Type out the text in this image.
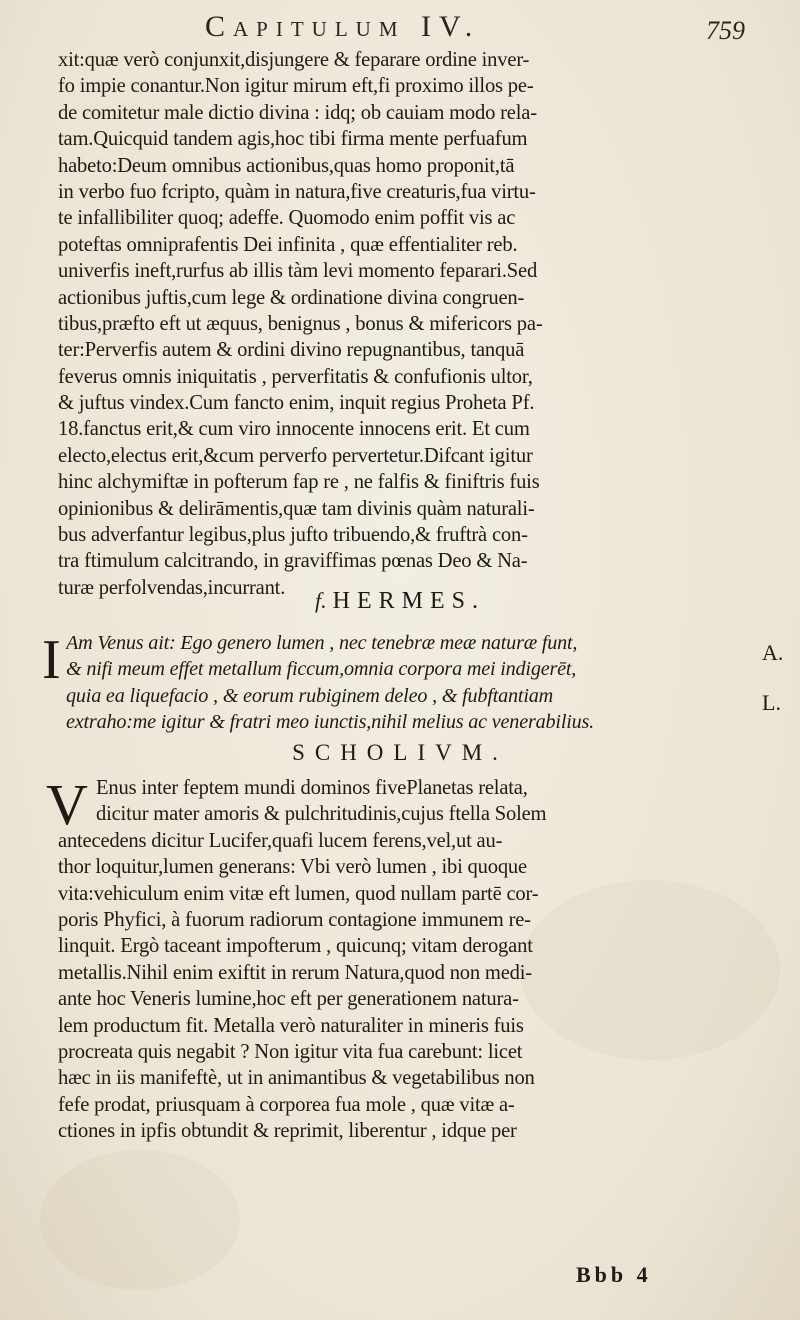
Capitulum IV.	759
xit:quæ verò conjunxit,disjungere & feparare ordine inver-
fo impie conantur.Non igitur mirum eft,fi proximo illos pe-
de comitetur male dictio divina : idq; ob cauiam modo rela-
tam.Quicquid tandem agis,hoc tibi firma mente perfuafum
habeto:Deum omnibus actionibus,quas homo proponit,tā
in verbo fuo fcripto, quàm in natura,five creaturis,fua virtu-
te infallibiliter quoq; adeffe. Quomodo enim poffit vis ac
poteftas omniprafentis Dei infinita , quæ effentialiter reb.
univerfis ineft,rurfus ab illis tàm levi momento feparari.Sed
actionibus juftis,cum lege & ordinatione divina congruen-
tibus,præfto eft ut æquus, benignus , bonus & mifericors pa-
ter:Perverfis autem & ordini divino repugnantibus, tanquā
feverus omnis iniquitatis , perverfitatis & confufionis ultor,
& juftus vindex.Cum fancto enim, inquit regius Proheta Pf.
18.fanctus erit,& cum viro innocente innocens erit. Et cum
electo,electus erit,&cum perverfo pervertetur.Difcant igitur
hinc alchymiftæ in pofterum fap re , ne falfis & finiftris fuis
opinionibus & delirāmentis,quæ tam divinis quàm naturali-
bus adverfantur legibus,plus jufto tribuendo,& fruftrà con-
tra ftimulum calcitrando, in graviffimas pœnas Deo & Na-
turæ perfolvendas,incurrant.
f. HERMES.
I Am Venus ait: Ego genero lumen , nec tenebræ meæ naturæ funt,
& nifi meum effet metallum ficcum,omnia corpora mei indigerēt,
quia ea liquefacio , & eorum rubiginem deleo , & fubftantiam
extraho:me igitur & fratri meo iunctis,nihil melius ac venerabilius.
SCHOLIVM.
V Enus inter feptem mundi dominos fivePlanetas relata,
dicitur mater amoris & pulchritudinis,cujus ftella Solem
antecedens dicitur Lucifer,quafi lucem ferens,vel,ut au-
thor loquitur,lumen generans: Vbi verò lumen , ibi quoque
vita:vehiculum enim vitæ eft lumen, quod nullam partē cor-
poris Phyfici, à fuorum radiorum contagione immunem re-
linquit. Ergò taceant impofterum , quicunq; vitam derogant
metallis.Nihil enim exiftit in rerum Natura,quod non medi-
ante hoc Veneris lumine,hoc eft per generationem natura-
lem productum fit. Metalla verò naturaliter in mineris fuis
procreata quis negabit ? Non igitur vita fua carebunt: licet
hæc in iis manifeftè, ut in animantibus & vegetabilibus non
fefe prodat, priusquam à corporea fua mole , quæ vitæ a-
ctiones in ipfis obtundit & reprimit, liberentur , idque per
A.
L.
Bbb 4
